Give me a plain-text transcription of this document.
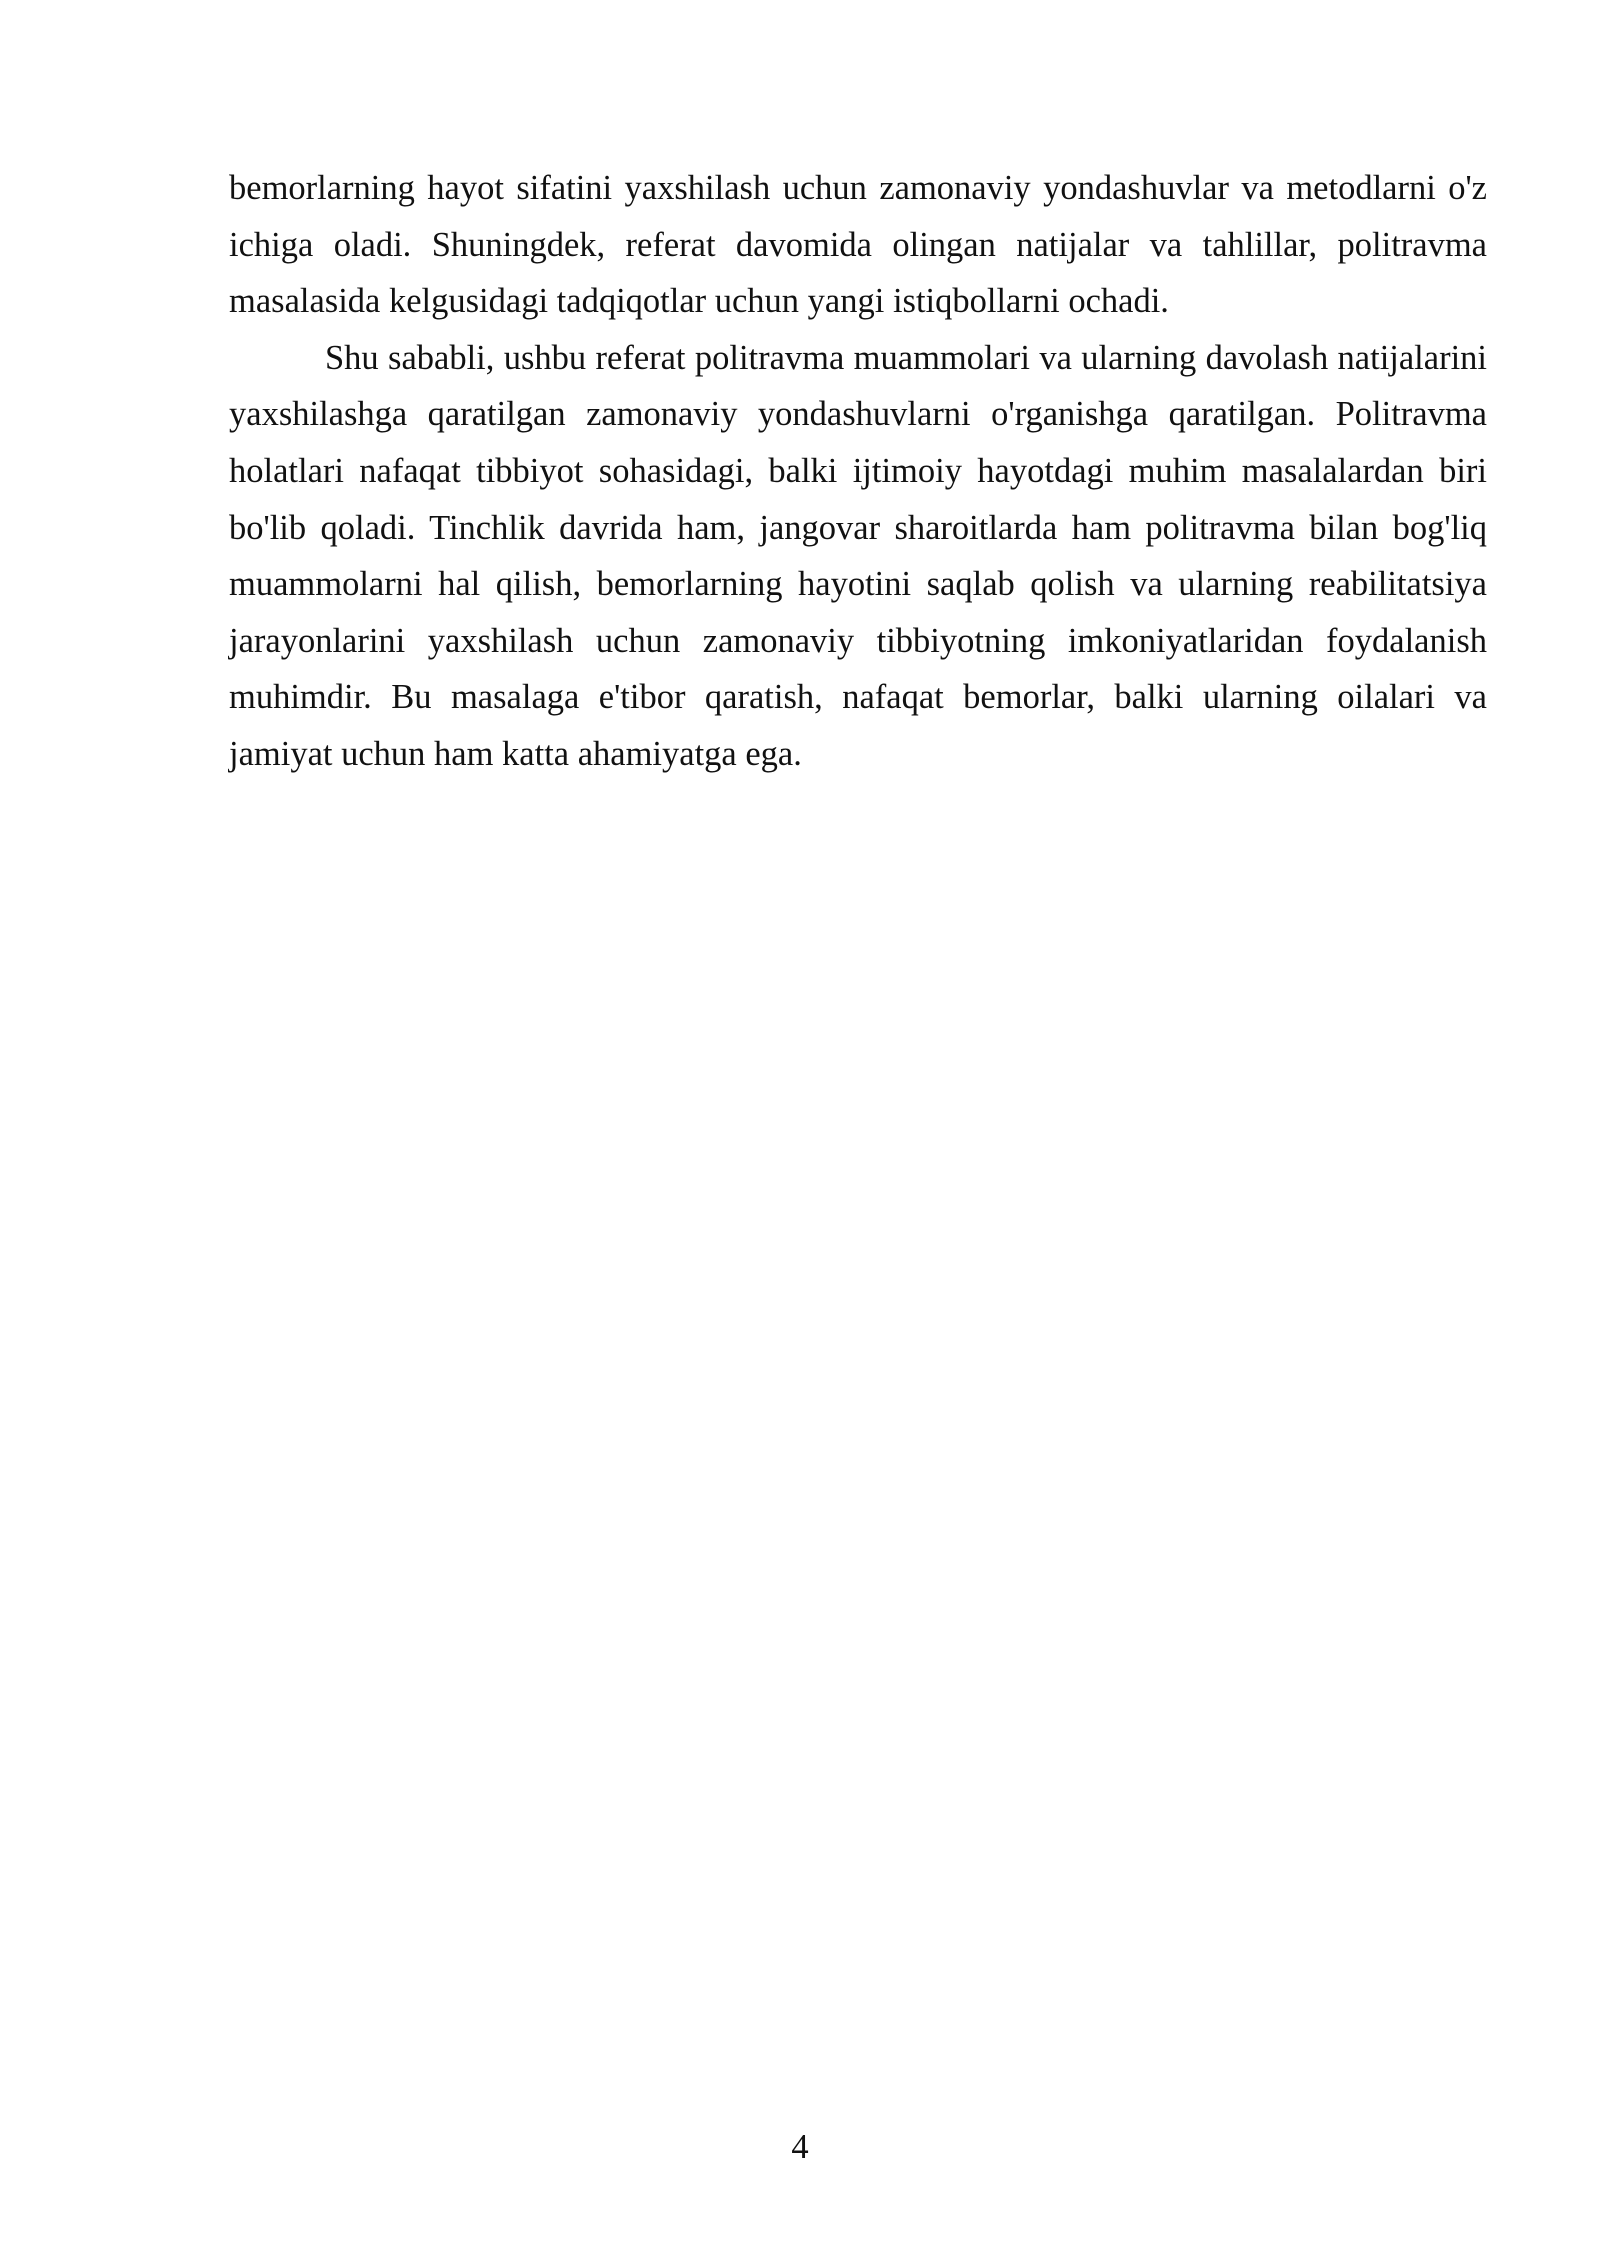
bemorlarning hayot sifatini yaxshilash uchun zamonaviy yondashuvlar va metodlarni o'z ichiga oladi. Shuningdek, referat davomida olingan natijalar va tahlillar, politravma masalasida kelgusidagi tadqiqotlar uchun yangi istiqbollarni ochadi.

Shu sababli, ushbu referat politravma muammolari va ularning davolash natijalarini yaxshilashga qaratilgan zamonaviy yondashuvlarni o'rganishga qaratilgan. Politravma holatlari nafaqat tibbiyot sohasidagi, balki ijtimoiy hayotdagi muhim masalalardan biri bo'lib qoladi. Tinchlik davrida ham, jangovar sharoitlarda ham politravma bilan bog'liq muammolarni hal qilish, bemorlarning hayotini saqlab qolish va ularning reabilitatsiya jarayonlarini yaxshilash uchun zamonaviy tibbiyotning imkoniyatlaridan foydalanish muhimdir. Bu masalaga e'tibor qaratish, nafaqat bemorlar, balki ularning oilalari va jamiyat uchun ham katta ahamiyatga ega.

4
